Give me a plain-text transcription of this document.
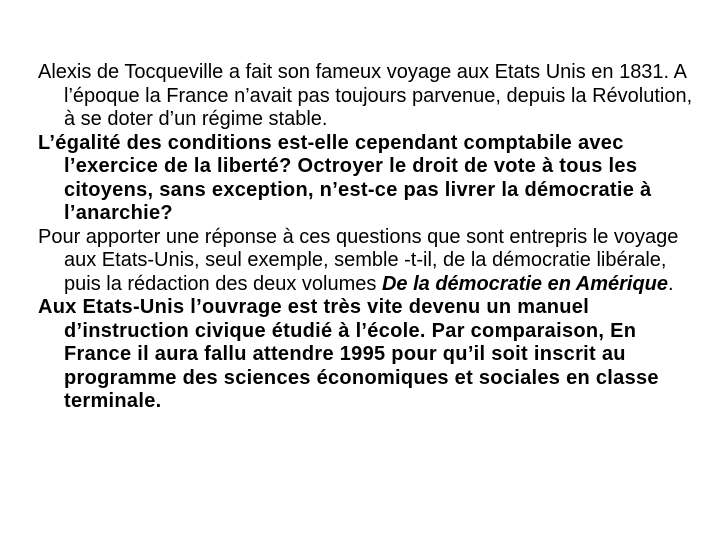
Alexis de Tocqueville a fait son fameux voyage aux Etats Unis en 1831. A l’époque la France n’avait pas toujours parvenue, depuis la Révolution, à se doter d’un régime stable.

L’égalité des conditions est-elle cependant comptabile avec l’exercice de la liberté? Octroyer le droit de vote à tous les citoyens, sans exception, n’est-ce pas livrer la démocratie à l’anarchie?

Pour apporter une réponse à ces questions que sont entrepris le voyage aux Etats-Unis, seul exemple, semble -t-il, de la démocratie libérale, puis la rédaction des deux volumes De la démocratie en Amérique.

Aux Etats-Unis l’ouvrage est très vite devenu un manuel d’instruction civique étudié à l’école. Par comparaison, En France il aura fallu attendre 1995 pour qu’il soit inscrit au programme des sciences économiques et sociales en classe terminale.
